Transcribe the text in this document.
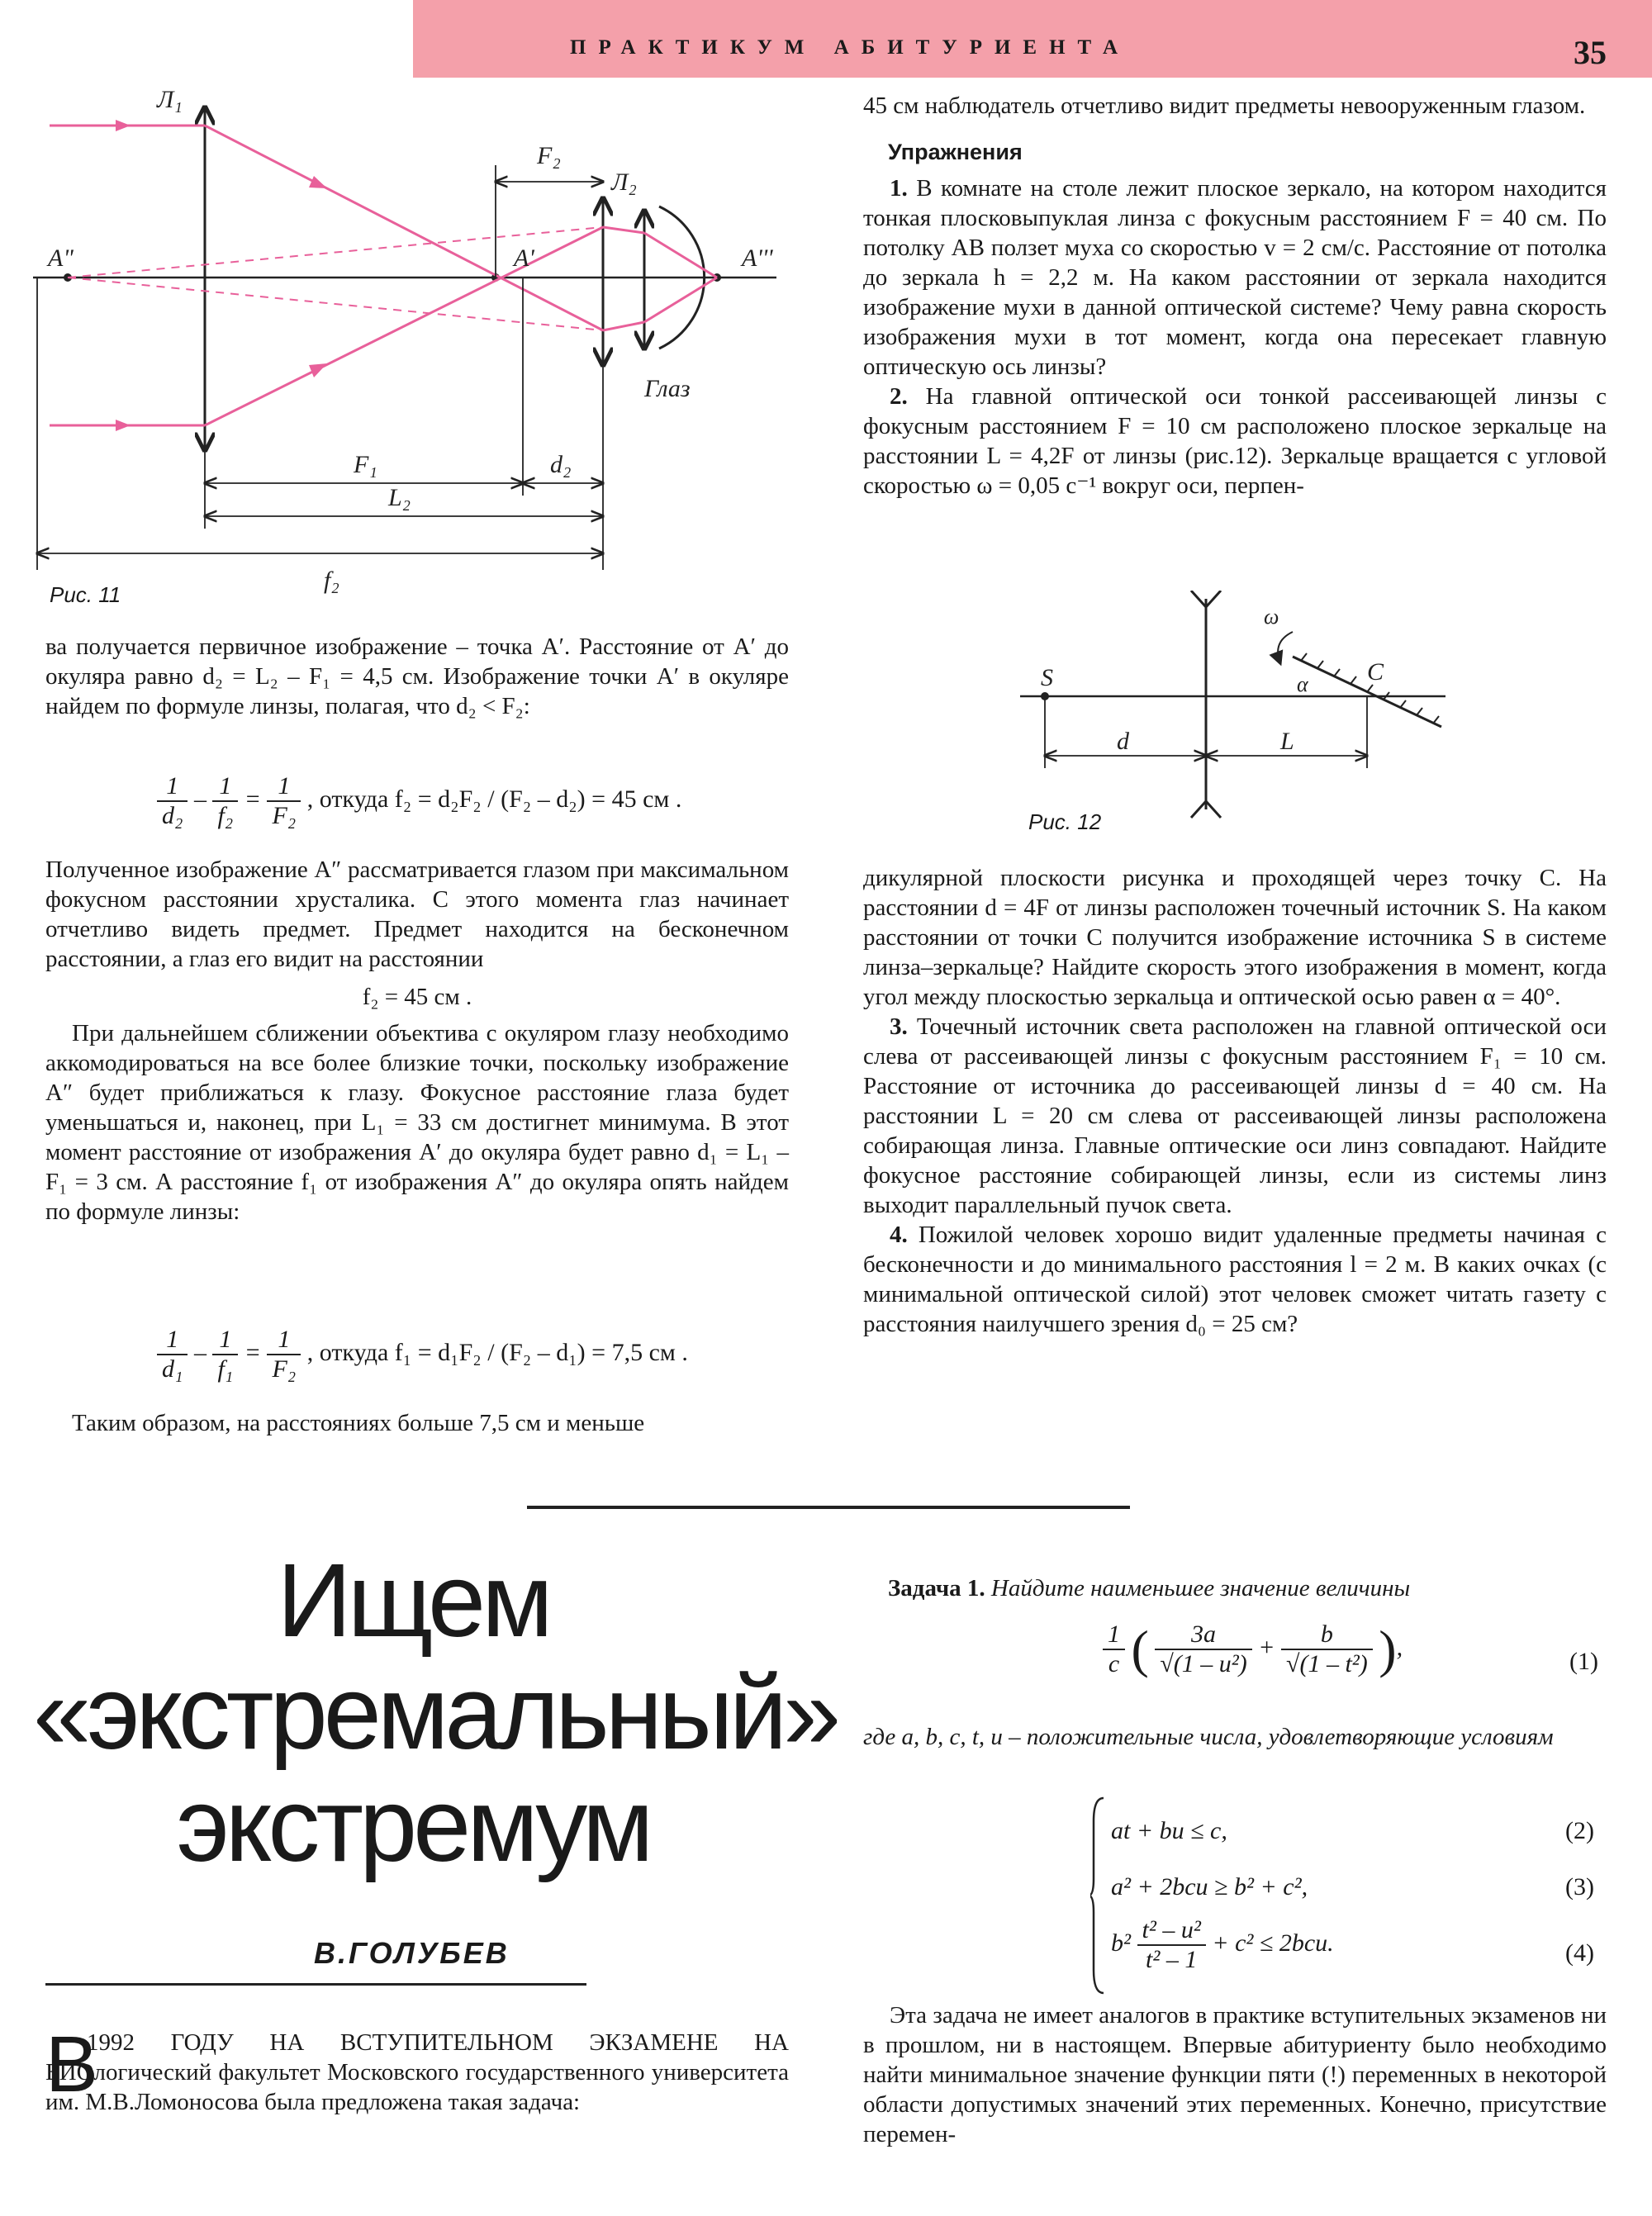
ПРАКТИКУМ АБИТУРИЕНТА	35
Л₁
F₂
Л₂
A"	A'	A'''
Глаз
F₁	d₂
L₂
f₂
Рис. 11

ва получается первичное изображение – точка A′. Расстояние от A′ до окуляра равно d₂ = L₂ – F₁ = 4,5 см. Изображение точки A′ в окуляре найдем по формуле линзы, полагая, что d₂ < F₂:

$\frac{1}{\text{d₂}} - \frac{1}{\text{f₂}} = \frac{1}{\text{F₂}}$ , откуда f₂ = d₂F₂ / (F₂ – d₂) = 45 см .

Полученное изображение A″ рассматривается глазом при максимальном фокусном расстоянии хрусталика. С этого момента глаз начинает отчетливо видеть предмет. Предмет находится на бесконечном расстоянии, а глаз его видит на расстоянии

f₂ = 45 см .

При дальнейшем сближении объектива с окуляром глазу необходимо аккомодироваться на все более близкие точки, поскольку изображение A″ будет приближаться к глазу. Фокусное расстояние глаза будет уменьшаться и, наконец, при L₁ = 33 см достигнет минимума. В этот момент расстояние от изображения A′ до окуляра будет равно d₁ = L₁ – F₁ = 3 см. А расстояние f₁ от изображения A″ до окуляра опять найдем по формуле линзы:

$\frac{1}{\text{d₁}} - \frac{1}{\text{f₁}} = \frac{1}{\text{F₂}}$ , откуда f₁ = d₁F₂ / (F₂ – d₁) = 7,5 см .

Таким образом, на расстояниях больше 7,5 см и меньше

45 см наблюдатель отчетливо видит предметы невооруженным глазом.

Упражнения

1. В комнате на столе лежит плоское зеркало, на котором находится тонкая плосковыпуклая линза с фокусным расстоянием F = 40 см. По потолку AB ползет муха со скоростью v = 2 см/с. Расстояние от потолка до зеркала h = 2,2 м. На каком расстоянии от зеркала находится изображение мухи в данной оптической системе? Чему равна скорость изображения мухи в тот момент, когда она пересекает главную оптическую ось линзы?

2. На главной оптической оси тонкой рассеивающей линзы с фокусным расстоянием F = 10 см расположено плоское зеркальце на расстоянии L = 4,2F от линзы (рис.12). Зеркальце вращается с угловой скоростью ω = 0,05 с⁻¹ вокруг оси, перпен-

S	C
α
ω
d	L
Рис. 12

дикулярной плоскости рисунка и проходящей через точку C. На расстоянии d = 4F от линзы расположен точечный источник S. На каком расстоянии от точки C получится изображение источника S в системе линза–зеркальце? Найдите скорость этого изображения в момент, когда угол между плоскостью зеркальца и оптической осью равен α = 40°.

3. Точечный источник света расположен на главной оптической оси слева от рассеивающей линзы с фокусным расстоянием F₁ = 10 см. Расстояние от источника до рассеивающей линзы d = 40 см. На расстоянии L = 20 см слева от рассеивающей линзы расположена собирающая линза. Главные оптические оси линз совпадают. Найдите фокусное расстояние собирающей линзы, если из системы линз выходит параллельный пучок света.

4. Пожилой человек хорошо видит удаленные предметы начиная с бесконечности и до минимального расстояния l = 2 м. В каких очках (с минимальной оптической силой) этот человек сможет читать газету с расстояния наилучшего зрения d₀ = 25 см?

Ищем
«экстремальный»
экстремум
В.ГОЛУБЕВ
В

1992 ГОДУ НА ВСТУПИТЕЛЬНОМ ЭКЗАМЕНЕ НА БИОлогический факультет Московского государственного университета им. М.В.Ломоносова была предложена такая задача:

Задача 1. Найдите наименьшее значение величины

$\frac{1}{c}$ ( $\frac{3a}{\text{√(1 – u²)}} + \frac{b}{\text{√(1 – t²)}}$ ),
(1)

где a, b, c, t, u – положительные числа, удовлетворяющие условиям

at + bu ≤ c,	(2)
a² + 2bcu ≥ b² + c²,	(3)
$b^2 \frac{\text{t² – u²}}{\text{t² – 1}} + c^2 \le 2bcu$.	(4)

Эта задача не имеет аналогов в практике вступительных экзаменов ни в прошлом, ни в настоящем. Впервые абитуриенту было необходимо найти минимальное значение функции пяти (!) переменных в некоторой области допустимых значений этих переменных. Конечно, присутствие перемен-
